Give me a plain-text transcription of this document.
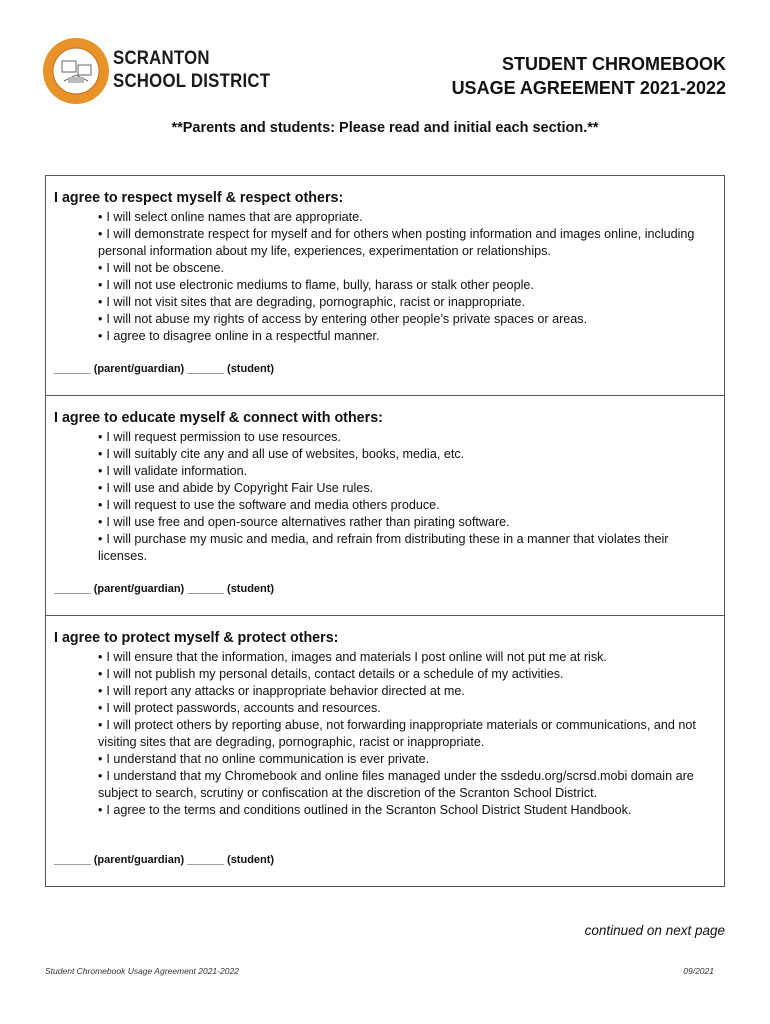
SCRANTON
SCHOOL DISTRICT
STUDENT CHROMEBOOK
USAGE AGREEMENT 2021-2022
**Parents and students: Please read and initial each section.**
I agree to respect myself & respect others:
• I will select online names that are appropriate.
• I will demonstrate respect for myself and for others when posting information and images online, including personal information about my life, experiences, experimentation or relationships.
• I will not be obscene.
• I will not use electronic mediums to flame, bully, harass or stalk other people.
• I will not visit sites that are degrading, pornographic, racist or inappropriate.
• I will not abuse my rights of access by entering other people’s private spaces or areas.
• I agree to disagree online in a respectful manner.
______ (parent/guardian) ______ (student)
I agree to educate myself & connect with others:
• I will request permission to use resources.
• I will suitably cite any and all use of websites, books, media, etc.
• I will validate information.
• I will use and abide by Copyright Fair Use rules.
• I will request to use the software and media others produce.
• I will use free and open-source alternatives rather than pirating software.
• I will purchase my music and media, and refrain from distributing these in a manner that violates their licenses.
______ (parent/guardian) ______ (student)
I agree to protect myself & protect others:
• I will ensure that the information, images and materials I post online will not put me at risk.
• I will not publish my personal details, contact details or a schedule of my activities.
• I will report any attacks or inappropriate behavior directed at me.
• I will protect passwords, accounts and resources.
• I will protect others by reporting abuse, not forwarding inappropriate materials or communications, and not visiting sites that are degrading, pornographic, racist or inappropriate.
• I understand that no online communication is ever private.
• I understand that my Chromebook and online files managed under the ssdedu.org/scrsd.mobi domain are subject to search, scrutiny or confiscation at the discretion of the Scranton School District.
• I agree to the terms and conditions outlined in the Scranton School District Student Handbook.
______ (parent/guardian) ______ (student)
continued on next page
Student Chromebook Usage Agreement 2021-2022	09/2021
